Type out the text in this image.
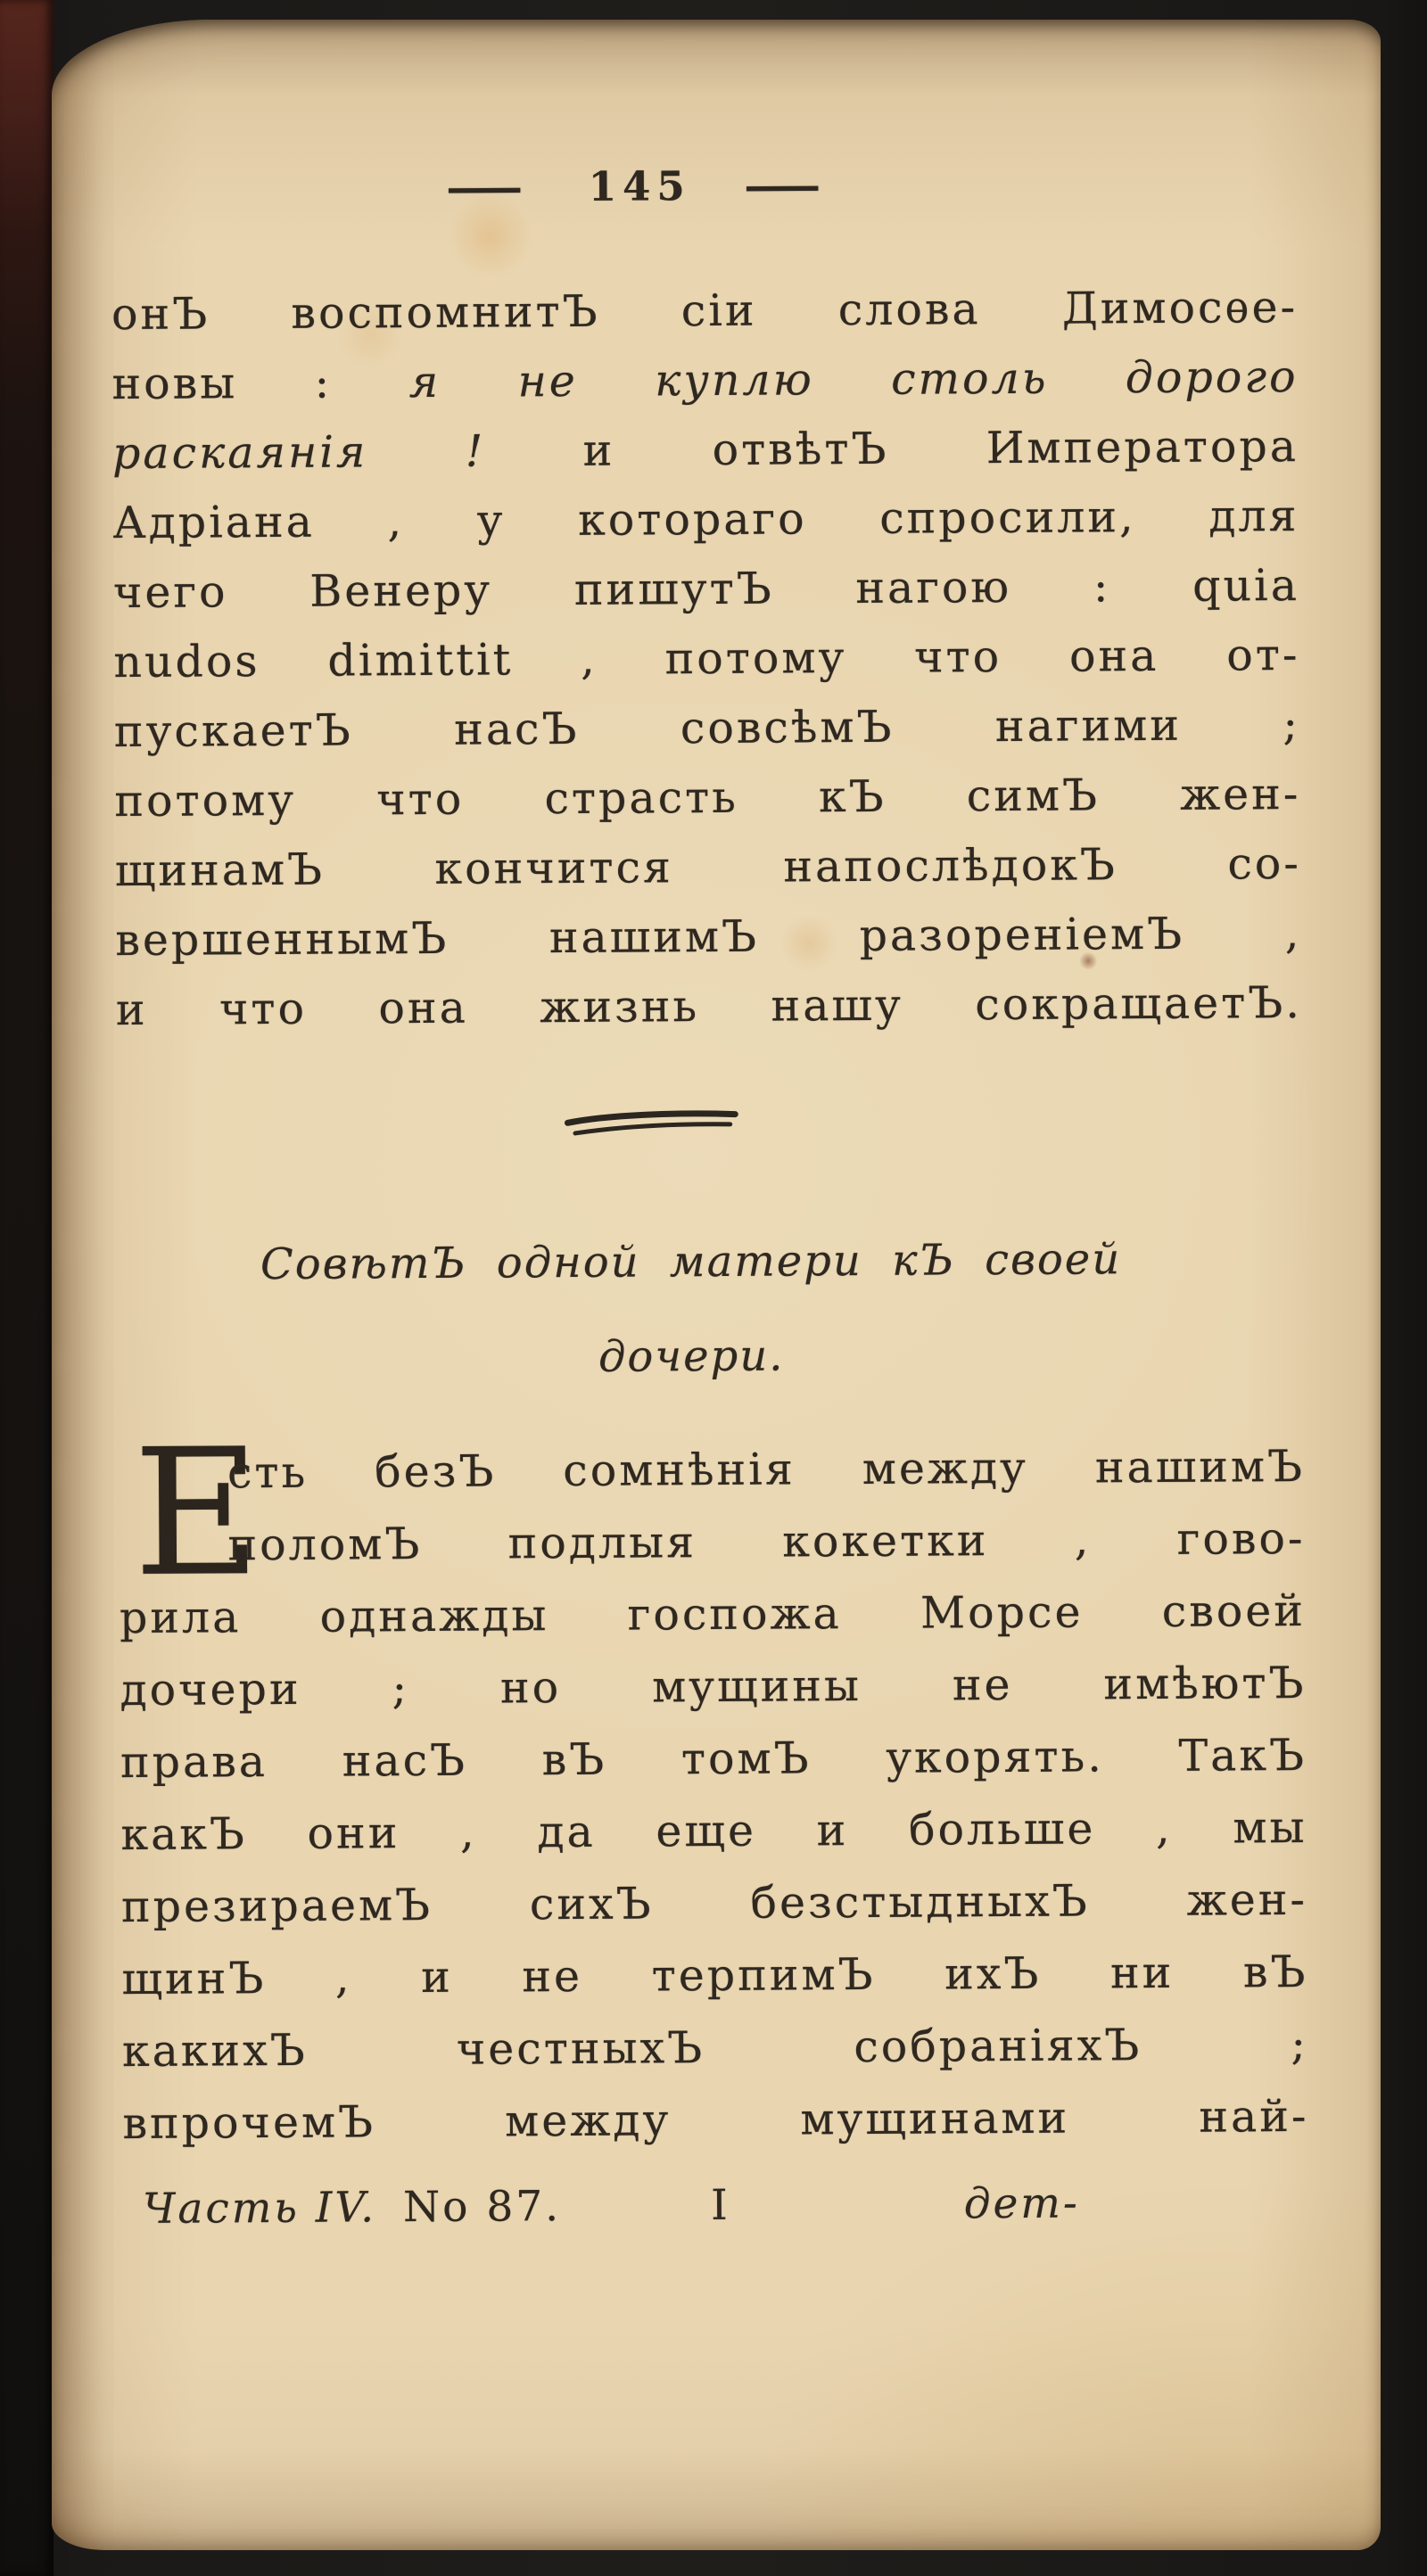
— 145 —
онЪ воспомнитЪ сіи слова Димосѳе-
новы : я не куплю столь дорого
раскаянія ! и отвѣтЪ Императора
Адріана , у котораго спросили, для
чего Венеру пишутЪ нагою : quia
nudos dimittit , потому что она от-
пускаетЪ насЪ совсѣмЪ нагими ;
потому что страсть кЪ симЪ жен-
щинамЪ кончится напослѣдокЪ со-
вершеннымЪ нашимЪ разореніемЪ ,
и что она жизнь нашу сокращаетЪ.
СовѣтЪ одной матери кЪ своей
дочери.
Е
сть безЪ сомнѣнія между нашимЪ
поломЪ подлыя кокетки , гово-
рила однажды госпожа Морсе своей
дочери ; но мущины не имѣютЪ
права насЪ вЪ томЪ укорять. ТакЪ
какЪ они , да еще и больше , мы
презираемЪ сихЪ безстыдныхЪ жен-
щинЪ , и не терпимЪ ихЪ ни вЪ
какихЪ честныхЪ собраніяхЪ ;
впрочемЪ между мущинами най-
Часть IV. No 87.	I	дет-
